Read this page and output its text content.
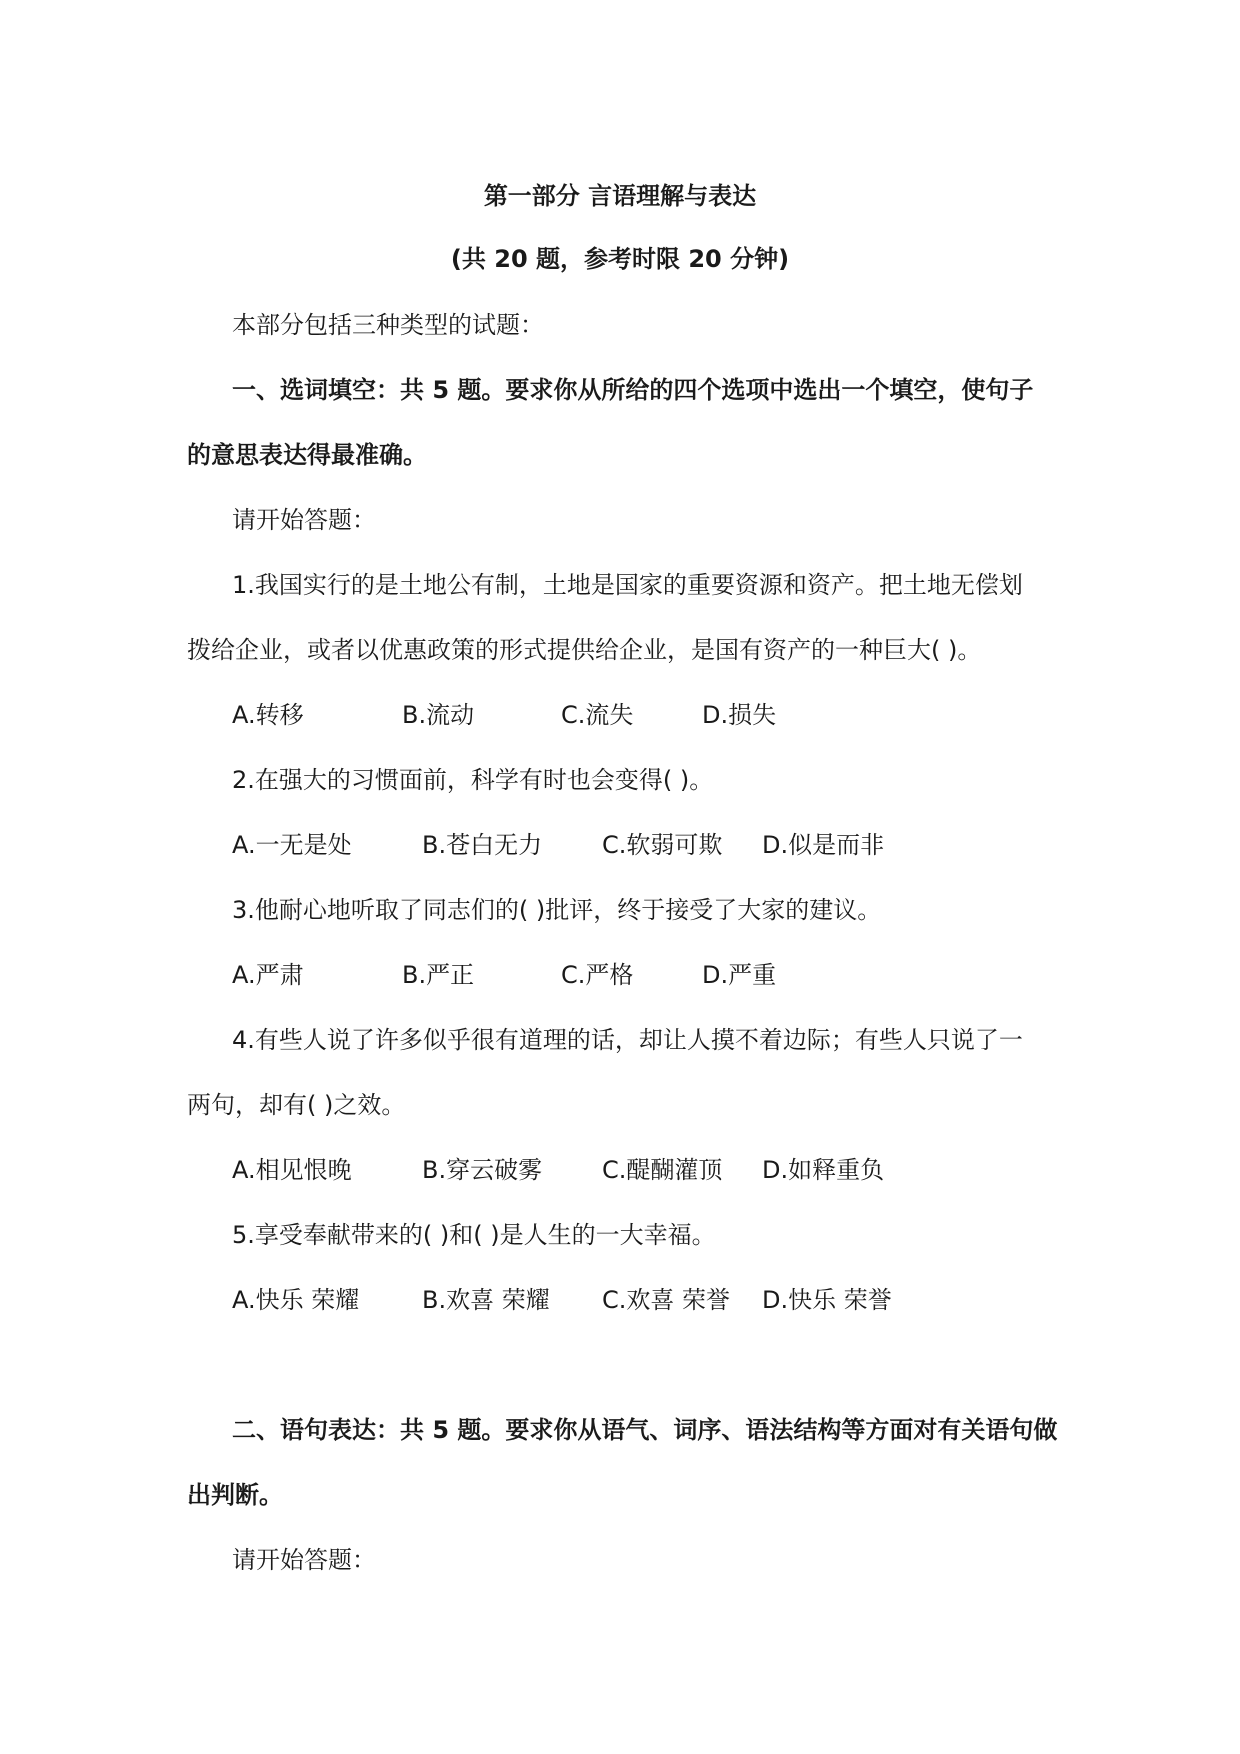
第一部分 言语理解与表达
(共 20 题，参考时限 20 分钟)
本部分包括三种类型的试题：
一、选词填空：共 5 题。要求你从所给的四个选项中选出一个填空，使句子
的意思表达得最准确。
请开始答题：
1.我国实行的是土地公有制，土地是国家的重要资源和资产。把土地无偿划
拨给企业，或者以优惠政策的形式提供给企业，是国有资产的一种巨大( )。
A.转移	B.流动	C.流失	D.损失
2.在强大的习惯面前，科学有时也会变得( )。
A.一无是处	B.苍白无力 C.软弱可欺 D.似是而非
3.他耐心地听取了同志们的( )批评，终于接受了大家的建议。
A.严肃	B.严正	C.严格	D.严重
4.有些人说了许多似乎很有道理的话，却让人摸不着边际；有些人只说了一
两句，却有( )之效。
A.相见恨晚	B.穿云破雾 C.醍醐灌顶 D.如释重负
5.享受奉献带来的( )和( )是人生的一大幸福。
A.快乐 荣耀	B.欢喜 荣耀 C.欢喜 荣誉 D.快乐 荣誉
二、语句表达：共 5 题。要求你从语气、词序、语法结构等方面对有关语句做
出判断。
请开始答题：
